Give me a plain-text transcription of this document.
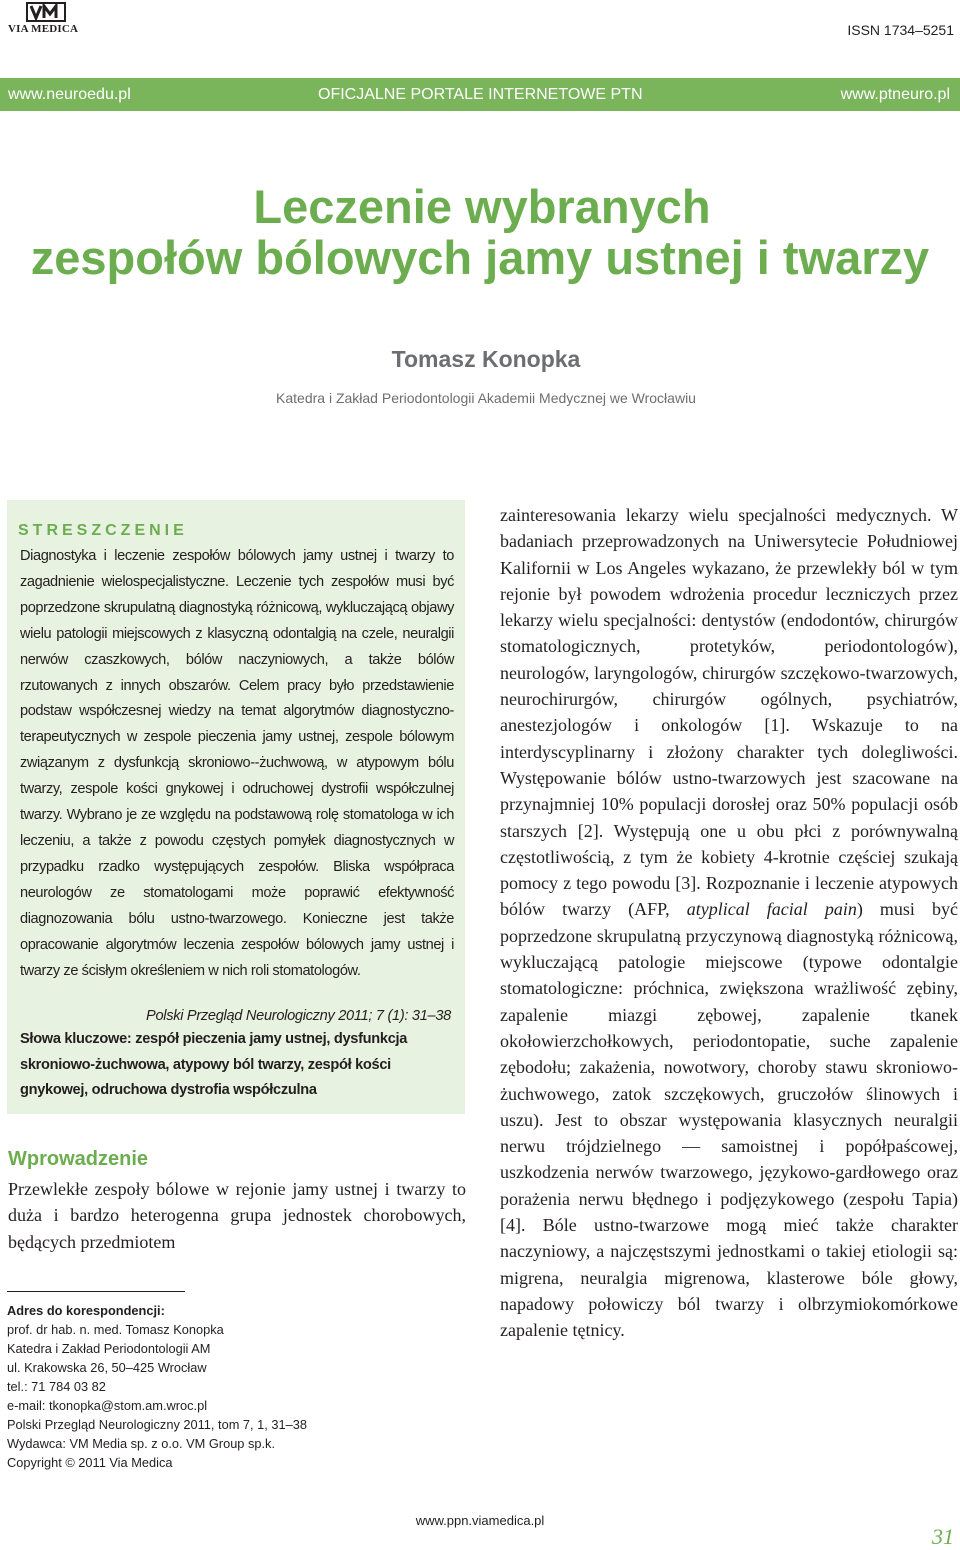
VIA MEDICA	ISSN 1734–5251
www.neuroedu.pl	OFICJALNE PORTALE INTERNETOWE PTN	www.ptneuro.pl
Leczenie wybranych
zespołów bólowych jamy ustnej i twarzy
Tomasz Konopka
Katedra i Zakład Periodontologii Akademii Medycznej we Wrocławiu
STRESZCZENIE
Diagnostyka i leczenie zespołów bólowych jamy ustnej i twarzy to zagadnienie wielospecjalistyczne. Leczenie tych zespołów musi być poprzedzone skrupulatną diagnostyką różnicową, wykluczającą objawy wielu patologii miejscowych z klasyczną odontalgią na czele, neuralgii nerwów czaszkowych, bólów naczyniowych, a także bólów rzutowanych z innych obszarów. Celem pracy było przedstawienie podstaw współczesnej wiedzy na temat algorytmów diagnostyczno-terapeutycznych w zespole pieczenia jamy ustnej, zespole bólowym związanym z dysfunkcją skroniowo--żuchwową, w atypowym bólu twarzy, zespole kości gnykowej i odruchowej dystrofii współczulnej twarzy. Wybrano je ze względu na podstawową rolę stomatologa w ich leczeniu, a także z powodu częstych pomyłek diagnostycznych w przypadku rzadko występujących zespołów. Bliska współpraca neurologów ze stomatologami może poprawić efektywność diagnozowania bólu ustno-twarzowego. Konieczne jest także opracowanie algorytmów leczenia zespołów bólowych jamy ustnej i twarzy ze ścisłym określeniem w nich roli stomatologów.
Polski Przegląd Neurologiczny 2011; 7 (1): 31–38
Słowa kluczowe: zespół pieczenia jamy ustnej, dysfunkcja skroniowo-żuchwowa, atypowy ból twarzy, zespół kości gnykowej, odruchowa dystrofia współczulna
Wprowadzenie
Przewlekłe zespoły bólowe w rejonie jamy ustnej i twarzy to duża i bardzo heterogenna grupa jednostek chorobowych, będących przedmiotem
Adres do korespondencji:
prof. dr hab. n. med. Tomasz Konopka
Katedra i Zakład Periodontologii AM
ul. Krakowska 26, 50–425 Wrocław
tel.: 71 784 03 82
e-mail: tkonopka@stom.am.wroc.pl
Polski Przegląd Neurologiczny 2011, tom 7, 1, 31–38
Wydawca: VM Media sp. z o.o. VM Group sp.k.
Copyright © 2011 Via Medica
zainteresowania lekarzy wielu specjalności medycznych. W badaniach przeprowadzonych na Uniwersytecie Południowej Kalifornii w Los Angeles wykazano, że przewlekły ból w tym rejonie był powodem wdrożenia procedur leczniczych przez lekarzy wielu specjalności: dentystów (endodontów, chirurgów stomatologicznych, protetyków, periodontologów), neurologów, laryngologów, chirurgów szczękowo-twarzowych, neurochirurgów, chirurgów ogólnych, psychiatrów, anestezjologów i onkologów [1]. Wskazuje to na interdyscyplinarny i złożony charakter tych dolegliwości. Występowanie bólów ustno-twarzowych jest szacowane na przynajmniej 10% populacji dorosłej oraz 50% populacji osób starszych [2]. Występują one u obu płci z porównywalną częstotliwością, z tym że kobiety 4-krotnie częściej szukają pomocy z tego powodu [3]. Rozpoznanie i leczenie atypowych bólów twarzy (AFP, atyplical facial pain) musi być poprzedzone skrupulatną przyczynową diagnostyką różnicową, wykluczającą patologie miejscowe (typowe odontalgie stomatologiczne: próchnica, zwiększona wrażliwość zębiny, zapalenie miazgi zębowej, zapalenie tkanek okołowierzchołkowych, periodontopatie, suche zapalenie zębodołu; zakażenia, nowotwory, choroby stawu skroniowo-żuchwowego, zatok szczękowych, gruczołów ślinowych i uszu). Jest to obszar występowania klasycznych neuralgii nerwu trójdzielnego — samoistnej i popółpaścowej, uszkodzenia nerwów twarzowego, językowo-gardłowego oraz porażenia nerwu błędnego i podjęzykowego (zespołu Tapia) [4]. Bóle ustno-twarzowe mogą mieć także charakter naczyniowy, a najczęstszymi jednostkami o takiej etiologii są: migrena, neuralgia migrenowa, klasterowe bóle głowy, napadowy połowiczy ból twarzy i olbrzymiokomórkowe zapalenie tętnicy.
www.ppn.viamedica.pl
31
